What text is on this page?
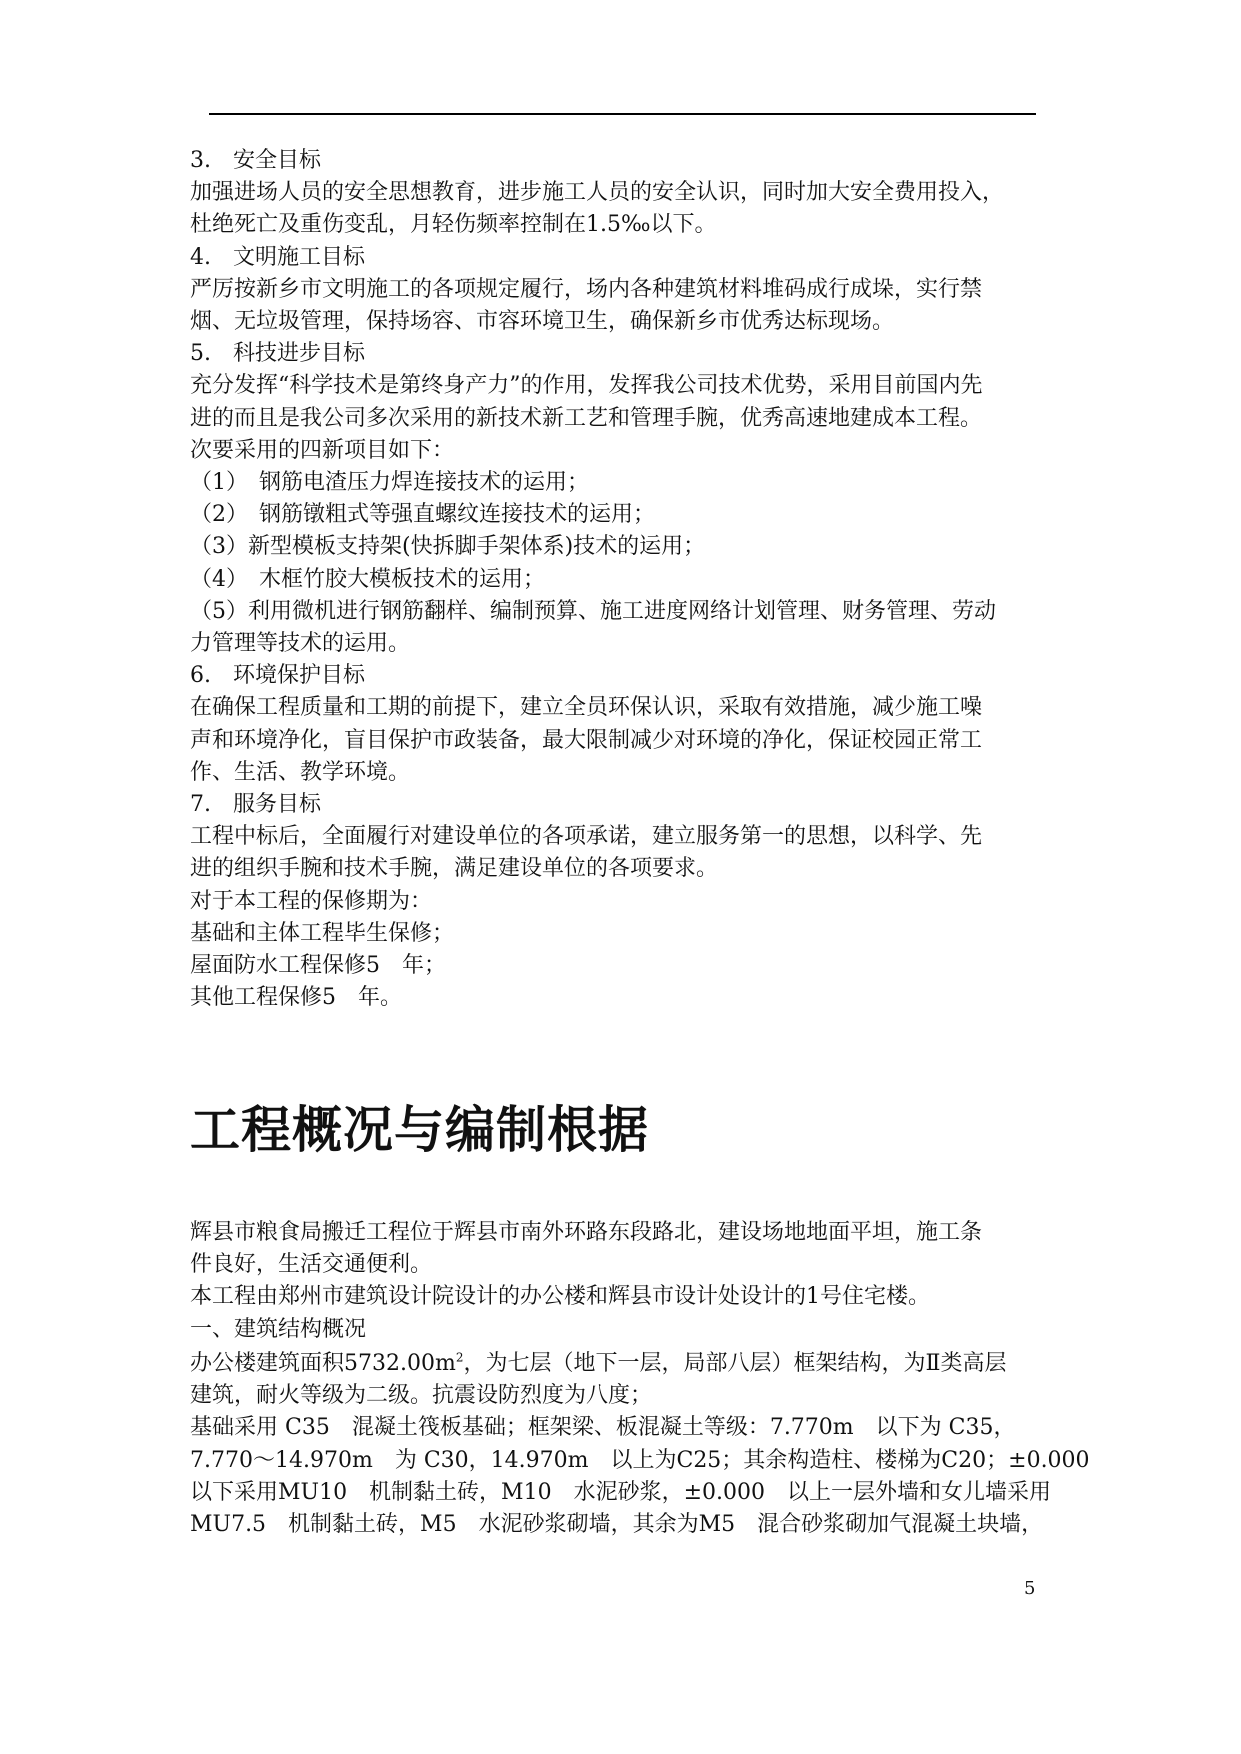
3.　安全目标

加强进场人员的安全思想教育，进步施工人员的安全认识，同时加大安全费用投入，

杜绝死亡及重伤变乱，月轻伤频率控制在1.5‰以下。

4.　文明施工目标

严厉按新乡市文明施工的各项规定履行，场内各种建筑材料堆码成行成垛，实行禁

烟、无垃圾管理，保持场容、市容环境卫生，确保新乡市优秀达标现场。

5.　科技进步目标

充分发挥“科学技术是第终身产力”的作用，发挥我公司技术优势，采用目前国内先

进的而且是我公司多次采用的新技术新工艺和管理手腕，优秀高速地建成本工程。

次要采用的四新项目如下：

（1）　钢筋电渣压力焊连接技术的运用；

（2）　钢筋镦粗式等强直螺纹连接技术的运用；

（3）新型模板支持架(快拆脚手架体系)技术的运用；

（4）　木框竹胶大模板技术的运用；

（5）利用微机进行钢筋翻样、编制预算、施工进度网络计划管理、财务管理、劳动

力管理等技术的运用。

6.　环境保护目标

在确保工程质量和工期的前提下，建立全员环保认识，采取有效措施，减少施工噪

声和环境净化，盲目保护市政装备，最大限制减少对环境的净化，保证校园正常工

作、生活、教学环境。

7.　服务目标

工程中标后，全面履行对建设单位的各项承诺，建立服务第一的思想，以科学、先

进的组织手腕和技术手腕，满足建设单位的各项要求。

对于本工程的保修期为：

基础和主体工程毕生保修；

屋面防水工程保修5　年；

其他工程保修5　年。

工程概况与编制根据

辉县市粮食局搬迁工程位于辉县市南外环路东段路北，建设场地地面平坦，施工条

件良好，生活交通便利。

本工程由郑州市建筑设计院设计的办公楼和辉县市设计处设计的1号住宅楼。

一、建筑结构概况

办公楼建筑面积$5732.00m^2$，为七层（地下一层，局部八层）框架结构，为Ⅱ类高层

建筑，耐火等级为二级。抗震设防烈度为八度；

基础采用 C35　混凝土筏板基础；框架梁、板混凝土等级：7.770m　以下为 C35，

7.770～14.970m　为 C30，14.970m　以上为C25；其余构造柱、楼梯为C20；±0.000

以下采用MU10　机制黏土砖，M10　水泥砂浆，±0.000　以上一层外墙和女儿墙采用

MU7.5　机制黏土砖，M5　水泥砂浆砌墙，其余为M5　混合砂浆砌加气混凝土块墙，

5
